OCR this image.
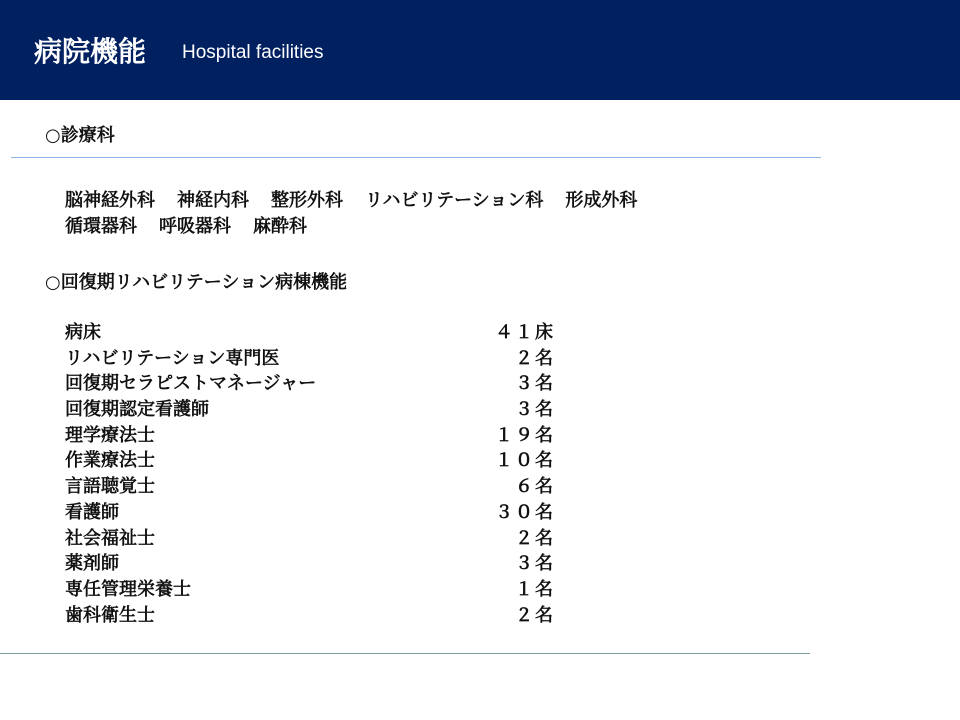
病院機能 Hospital facilities
○診療科
脳神経外科 神経内科 整形外科 リハビリテーション科 形成外科
循環器科 呼吸器科 麻酔科
○回復期リハビリテーション病棟機能
病床	４１床
リハビリテーション専門医	２名
回復期セラピストマネージャー	３名
回復期認定看護師	３名
理学療法士	１９名
作業療法士	１０名
言語聴覚士	６名
看護師	３０名
社会福祉士	２名
薬剤師	３名
専任管理栄養士	１名
歯科衛生士	２名
